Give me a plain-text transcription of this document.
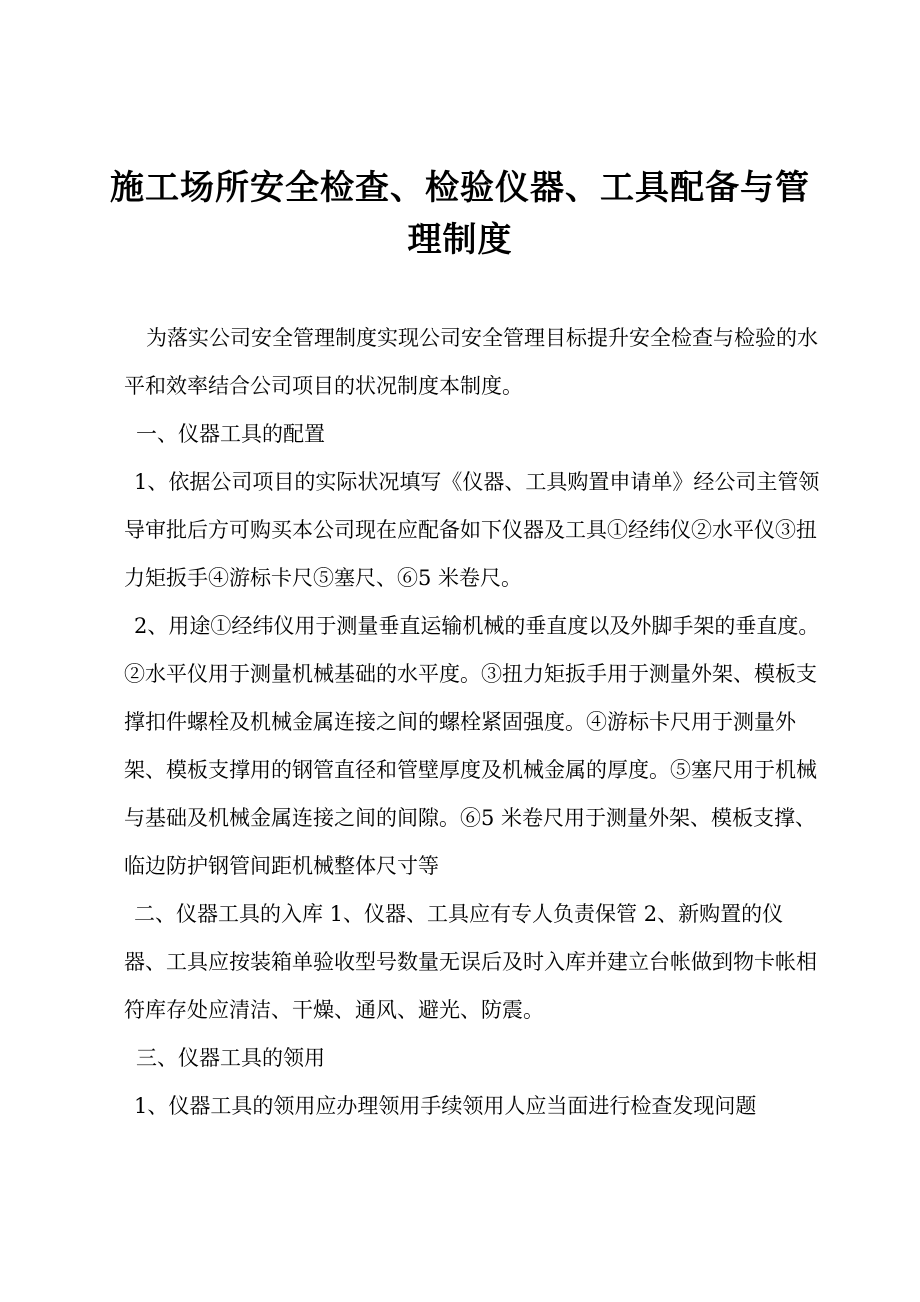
施工场所安全检查、检验仪器、工具配备与管
理制度

为落实公司安全管理制度实现公司安全管理目标提升安全检查与检验的水平和效率结合公司项目的状况制度本制度。

一、仪器工具的配置

1、依据公司项目的实际状况填写《仪器、工具购置申请单》经公司主管领导审批后方可购买本公司现在应配备如下仪器及工具①经纬仪②水平仪③扭力矩扳手④游标卡尺⑤塞尺、⑥5 米卷尺。

2、用途①经纬仪用于测量垂直运输机械的垂直度以及外脚手架的垂直度。②水平仪用于测量机械基础的水平度。③扭力矩扳手用于测量外架、模板支撑扣件螺栓及机械金属连接之间的螺栓紧固强度。④游标卡尺用于测量外架、模板支撑用的钢管直径和管壁厚度及机械金属的厚度。⑤塞尺用于机械与基础及机械金属连接之间的间隙。⑥5 米卷尺用于测量外架、模板支撑、临边防护钢管间距机械整体尺寸等

二、仪器工具的入库 1、仪器、工具应有专人负责保管 2、新购置的仪器、工具应按装箱单验收型号数量无误后及时入库并建立台帐做到物卡帐相符库存处应清洁、干燥、通风、避光、防震。

三、仪器工具的领用

1、仪器工具的领用应办理领用手续领用人应当面进行检查发现问题
